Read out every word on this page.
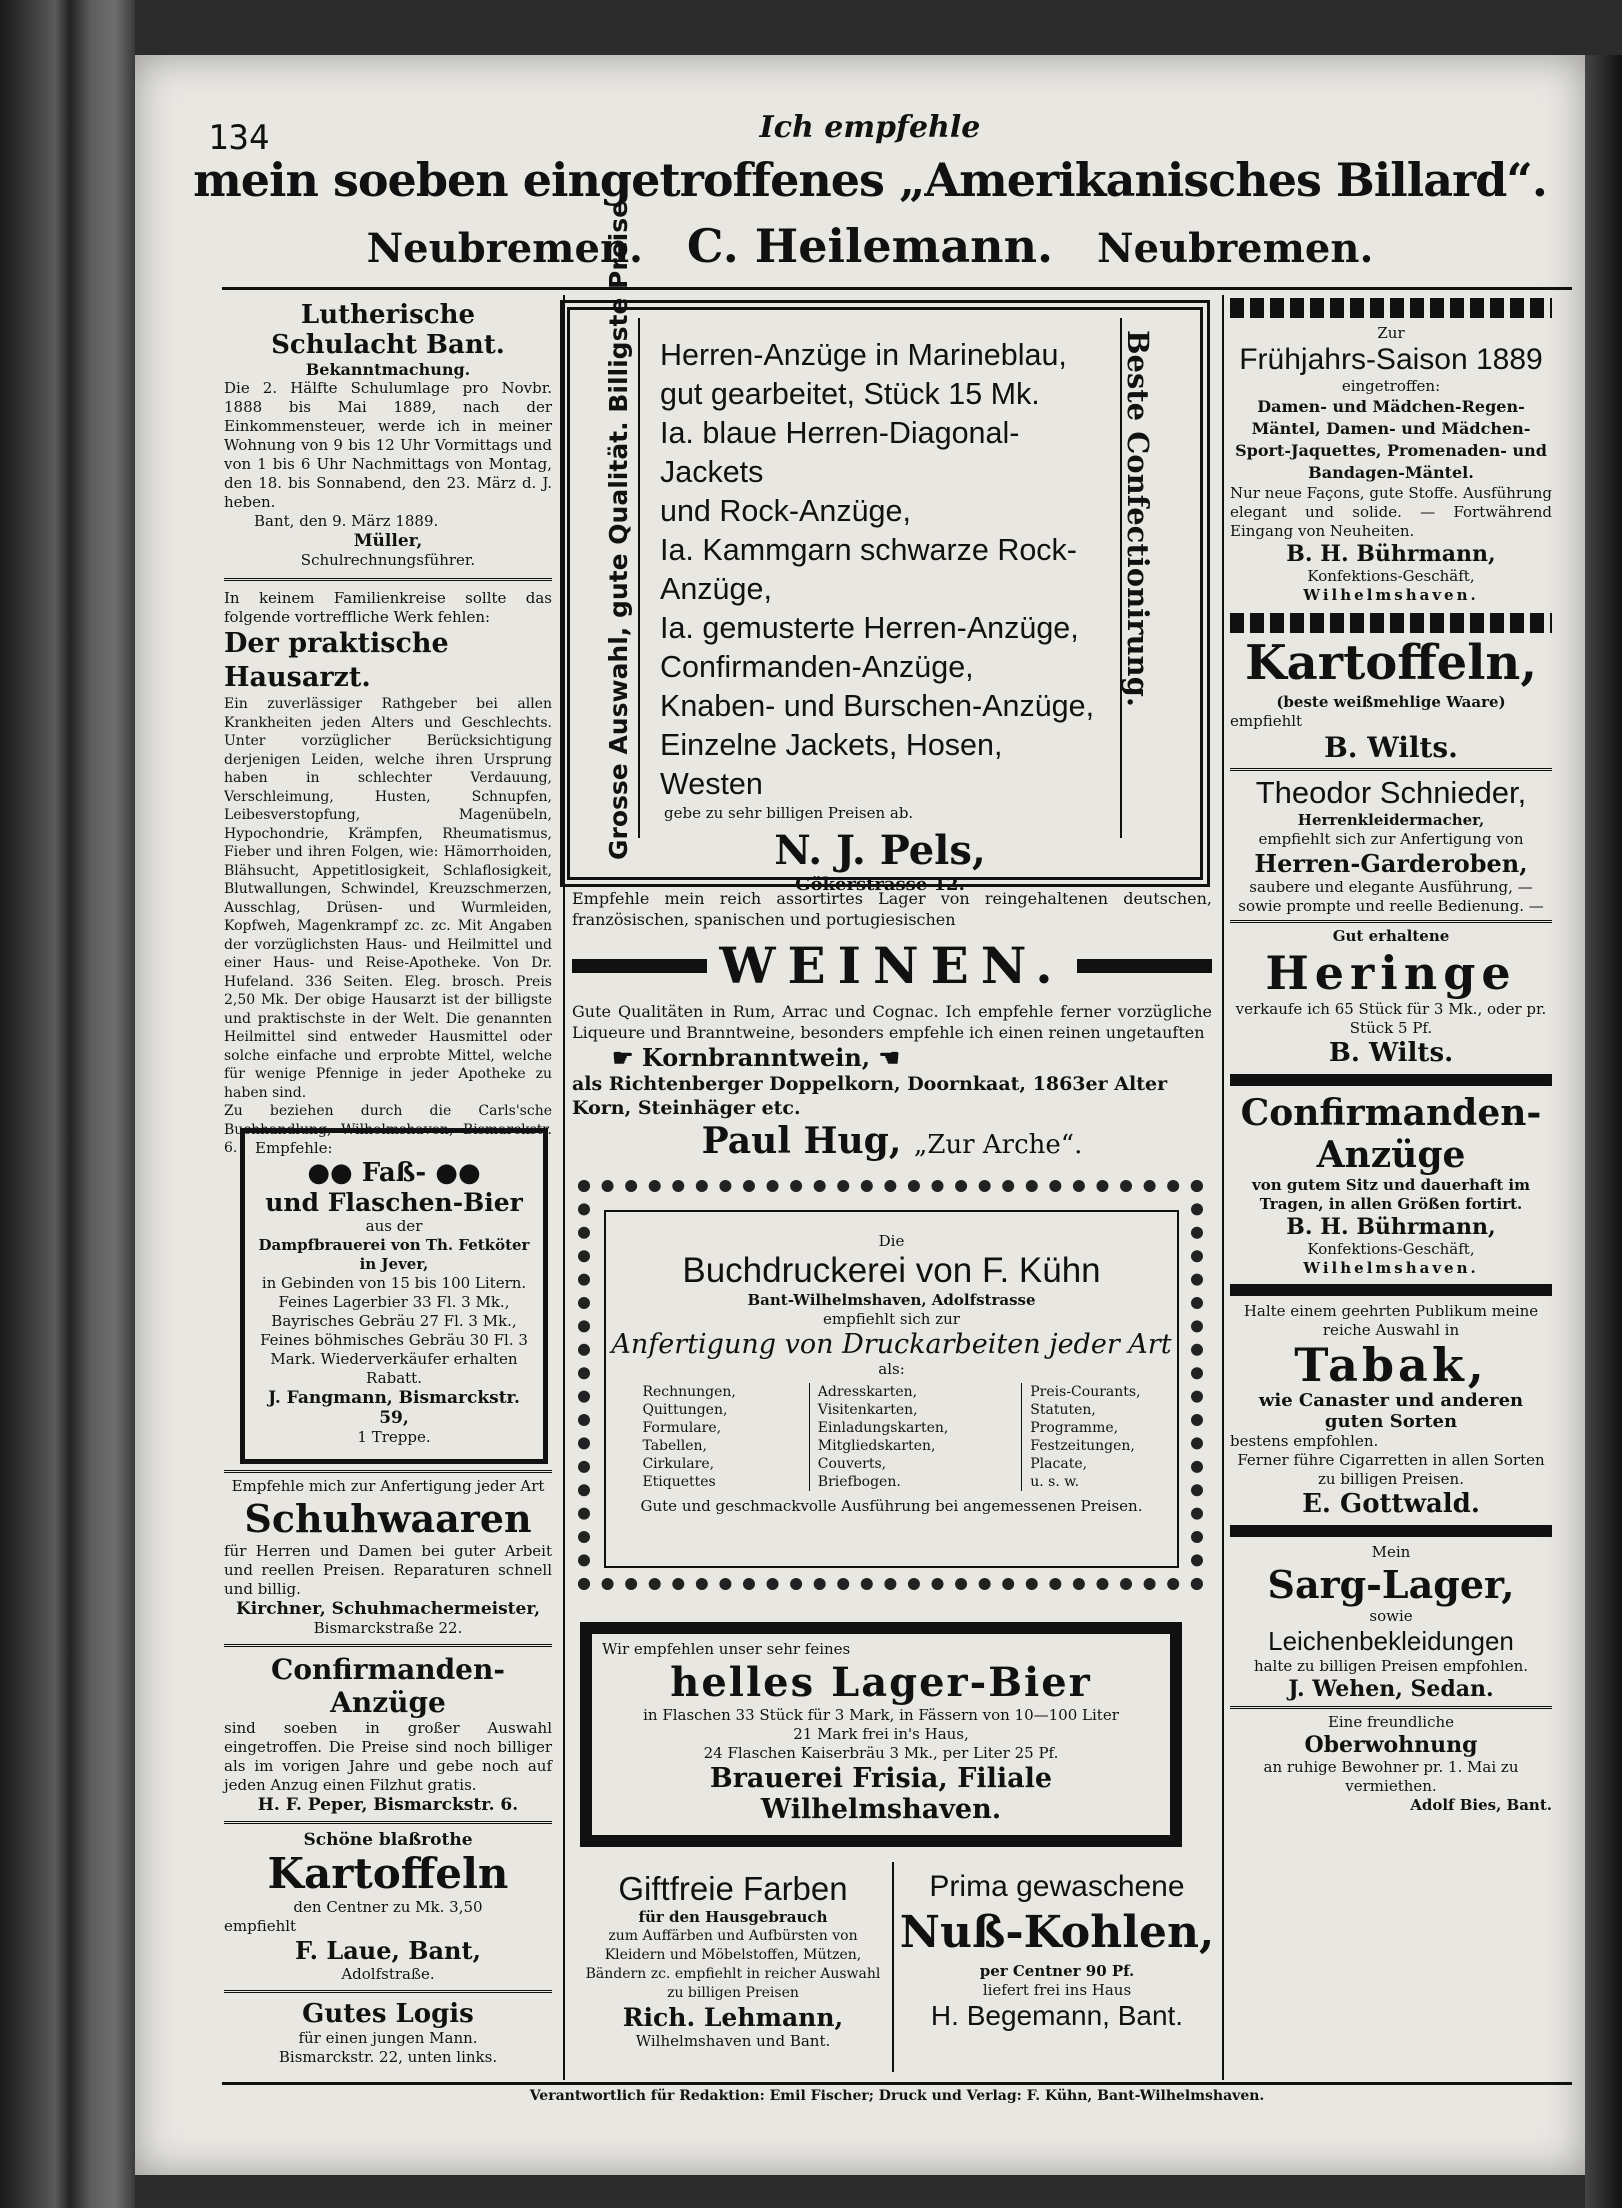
134	Ich empfehle
mein soeben eingetroffenes „Amerikanisches Billard“.
Neubremen. C. Heilemann. Neubremen.
Lutherische Schulacht Bant.
Bekanntmachung.

Die 2. Hälfte Schulumlage pro Novbr. 1888 bis Mai 1889, nach der Einkommensteuer, werde ich in meiner Wohnung von 9 bis 12 Uhr Vormittags und von 1 bis 6 Uhr Nachmittags von Montag, den 18. bis Sonnabend, den 23. März d. J. heben.

Bant, den 9. März 1889.

Müller,

Schulrechnungsführer.

In keinem Familienkreise sollte das folgende vortreffliche Werk fehlen:

Der praktische Hausarzt.

Ein zuverlässiger Rathgeber bei allen Krankheiten jeden Alters und Geschlechts. Unter vorzüglicher Berücksichtigung derjenigen Leiden, welche ihren Ursprung haben in schlechter Verdauung, Verschleimung, Husten, Schnupfen, Leibesverstopfung, Magenübeln, Hypochondrie, Krämpfen, Rheumatismus, Fieber und ihren Folgen, wie: Hämorrhoiden, Blähsucht, Appetitlosigkeit, Schlaflosigkeit, Blutwallungen, Schwindel, Kreuzschmerzen, Ausschlag, Drüsen- und Wurmleiden, Kopfweh, Magenkrampf zc. zc. Mit Angaben der vorzüglichsten Haus- und Heilmittel und einer Haus- und Reise-Apotheke. Von Dr. Hufeland. 336 Seiten. Eleg. brosch. Preis 2,50 Mk. Der obige Hausarzt ist der billigste und praktischste in der Welt. Die genannten Heilmittel sind entweder Hausmittel oder solche einfache und erprobte Mittel, welche für wenige Pfennige in jeder Apotheke zu haben sind.

Zu beziehen durch die Carls'sche Buchhandlung, Wilhelmshaven, Bismarckstr. 6.	Empfehle:

●● Faß- ●●
und Flaschen-Bier

aus der

Dampfbrauerei von Th. Fetköter in Jever,

in Gebinden von 15 bis 100 Litern. Feines Lagerbier 33 Fl. 3 Mk., Bayrisches Gebräu 27 Fl. 3 Mk., Feines böhmisches Gebräu 30 Fl. 3 Mark. Wiederverkäufer erhalten Rabatt.

J. Fangmann, Bismarckstr. 59,

1 Treppe.

Empfehle mich zur Anfertigung jeder Art

Schuhwaaren

für Herren und Damen bei guter Arbeit und reellen Preisen. Reparaturen schnell und billig.

Kirchner, Schuhmachermeister,

Bismarckstraße 22.

Confirmanden-
Anzüge

sind soeben in großer Auswahl eingetroffen. Die Preise sind noch billiger als im vorigen Jahre und gebe noch auf jeden Anzug einen Filzhut gratis.

H. F. Peper, Bismarckstr. 6.

Schöne blaßrothe

Kartoffeln

den Centner zu Mk. 3,50

empfiehlt

F. Laue, Bant,

Adolfstraße.

Gutes Logis

für einen jungen Mann.

Bismarckstr. 22, unten links.

Beste Confectionirung.
Herren-Anzüge in Marineblau,
gut gearbeitet, Stück 15 Mk.
Ia. blaue Herren-Diagonal-Jackets
und Rock-Anzüge,
Ia. Kammgarn schwarze Rock-
Anzüge,
Ia. gemusterte Herren-Anzüge,
Confirmanden-Anzüge,
Knaben- und Burschen-Anzüge,
Einzelne Jackets, Hosen, Westen

gebe zu sehr billigen Preisen ab.

N. J. Pels,

Gökerstrasse 12.

Empfehle mein reich assortirtes Lager von reingehaltenen deutschen, französischen, spanischen und portugiesischen

WEINEN.

Gute Qualitäten in Rum, Arrac und Cognac. Ich empfehle ferner vorzügliche Liqueure und Branntweine, besonders empfehle ich einen reinen ungetauften

☛ Kornbranntwein, ☚

als Richtenberger Doppelkorn, Doornkaat, 1863er Alter Korn, Steinhäger etc.

Paul Hug, „Zur Arche“.

Die

Buchdruckerei von F. Kühn

Bant-Wilhelmshaven, Adolfstrasse

empfiehlt sich zur

Anfertigung von Druckarbeiten jeder Art

als:

Rechnungen,
Quittungen,
Formulare,
Tabellen,
Cirkulare,
Etiquettes
Adresskarten,
Visitenkarten,
Einladungskarten,
Mitgliedskarten,
Couverts,
Briefbogen.
Preis-Courants,
Statuten,
Programme,
Festzeitungen,
Placate,
u. s. w.

Gute und geschmackvolle Ausführung bei angemessenen Preisen.

Wir empfehlen unser sehr feines

helles Lager-Bier

in Flaschen 33 Stück für 3 Mark, in Fässern von 10—100 Liter

21 Mark frei in's Haus,

24 Flaschen Kaiserbräu 3 Mk., per Liter 25 Pf.

Brauerei Frisia, Filiale Wilhelmshaven.

Giftfreie Farben

für den Hausgebrauch

zum Auffärben und Aufbürsten von Kleidern und Möbelstoffen, Mützen, Bändern zc. empfiehlt in reicher Auswahl zu billigen Preisen

Rich. Lehmann,

Wilhelmshaven und Bant.

Prima gewaschene

Nuß-Kohlen,

per Centner 90 Pf.

liefert frei ins Haus

H. Begemann, Bant.

Zur

Frühjahrs-Saison 1889

eingetroffen:

Damen- und Mädchen-Regen-Mäntel, Damen- und Mädchen-Sport-Jaquettes, Promenaden- und Bandagen-Mäntel.

Nur neue Façons, gute Stoffe. Ausführung elegant und solide. — Fortwährend Eingang von Neuheiten.

B. H. Bührmann,

Konfektions-Geschäft,

Wilhelmshaven.

Kartoffeln,

(beste weißmehlige Waare)

empfiehlt

B. Wilts.

Theodor Schnieder,

Herrenkleidermacher,

empfiehlt sich zur Anfertigung von

Herren-Garderoben,

saubere und elegante Ausführung, — sowie prompte und reelle Bedienung. —

Gut erhaltene

Heringe

verkaufe ich 65 Stück für 3 Mk., oder pr. Stück 5 Pf.

B. Wilts.

Confirmanden-

Anzüge

von gutem Sitz und dauerhaft im Tragen, in allen Größen fortirt.

B. H. Bührmann,

Konfektions-Geschäft,

Wilhelmshaven.

Halte einem geehrten Publikum meine reiche Auswahl in

Tabak,

wie Canaster und anderen guten Sorten

bestens empfohlen.

Ferner führe Cigarretten in allen Sorten zu billigen Preisen.

E. Gottwald.

Mein

Sarg-Lager,

sowie

Leichenbekleidungen

halte zu billigen Preisen empfohlen.

J. Wehen, Sedan.

Eine freundliche

Oberwohnung

an ruhige Bewohner pr. 1. Mai zu vermiethen.

Adolf Bies, Bant.

Verantwortlich für Redaktion: Emil Fischer; Druck und Verlag: F. Kühn, Bant-Wilhelmshaven.
